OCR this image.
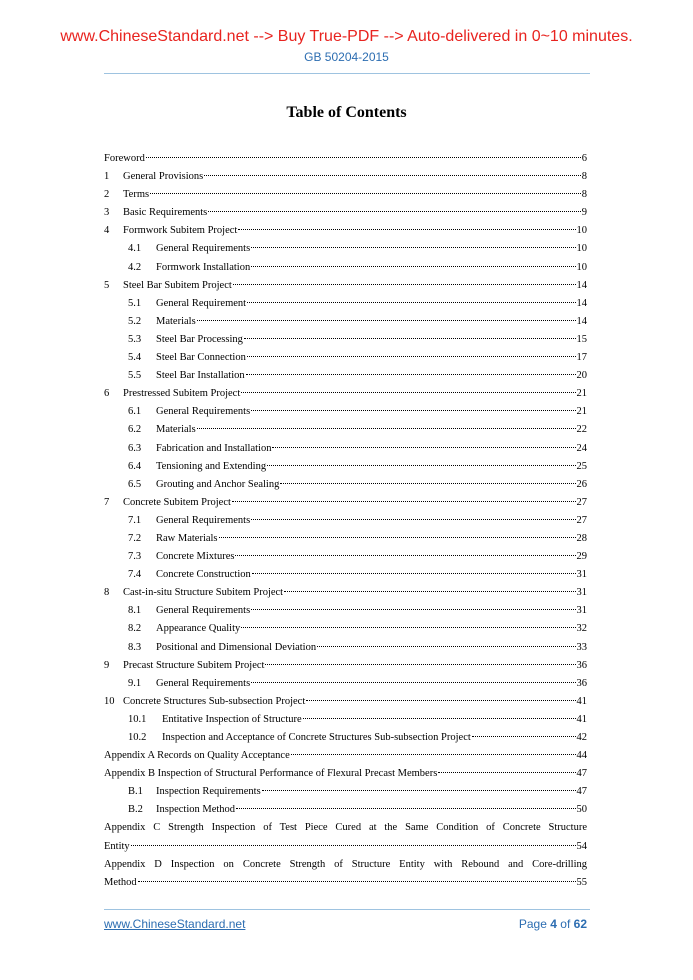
www.ChineseStandard.net --> Buy True-PDF --> Auto-delivered in 0~10 minutes.
GB 50204-2015
Table of Contents
Foreword	6
1	General Provisions	8
2	Terms	8
3	Basic Requirements	9
4	Formwork Subitem Project	10
4.1	General Requirements	10
4.2	Formwork Installation	10
5	Steel Bar Subitem Project	14
5.1	General Requirement	14
5.2	Materials	14
5.3	Steel Bar Processing	15
5.4	Steel Bar Connection	17
5.5	Steel Bar Installation	20
6	Prestressed Subitem Project	21
6.1	General Requirements	21
6.2	Materials	22
6.3	Fabrication and Installation	24
6.4	Tensioning and Extending	25
6.5	Grouting and Anchor Sealing	26
7	Concrete Subitem Project	27
7.1	General Requirements	27
7.2	Raw Materials	28
7.3	Concrete Mixtures	29
7.4	Concrete Construction	31
8	Cast-in-situ Structure Subitem Project	31
8.1	General Requirements	31
8.2	Appearance Quality	32
8.3	Positional and Dimensional Deviation	33
9	Precast Structure Subitem Project	36
9.1	General Requirements	36
10 Concrete Structures Sub-subsection Project	41
10.1	Entitative Inspection of Structure	41
10.2	Inspection and Acceptance of Concrete Structures Sub-subsection Project	42
Appendix A Records on Quality Acceptance	44
Appendix B Inspection of Structural Performance of Flexural Precast Members	47
B.1	Inspection Requirements	47
B.2	Inspection Method	50
Appendix C Strength Inspection of Test Piece Cured at the Same Condition of Concrete Structure
Entity	54
Appendix D Inspection on Concrete Strength of Structure Entity with Rebound and Core-drilling
Method	55
www.ChineseStandard.net	Page 4 of 62
